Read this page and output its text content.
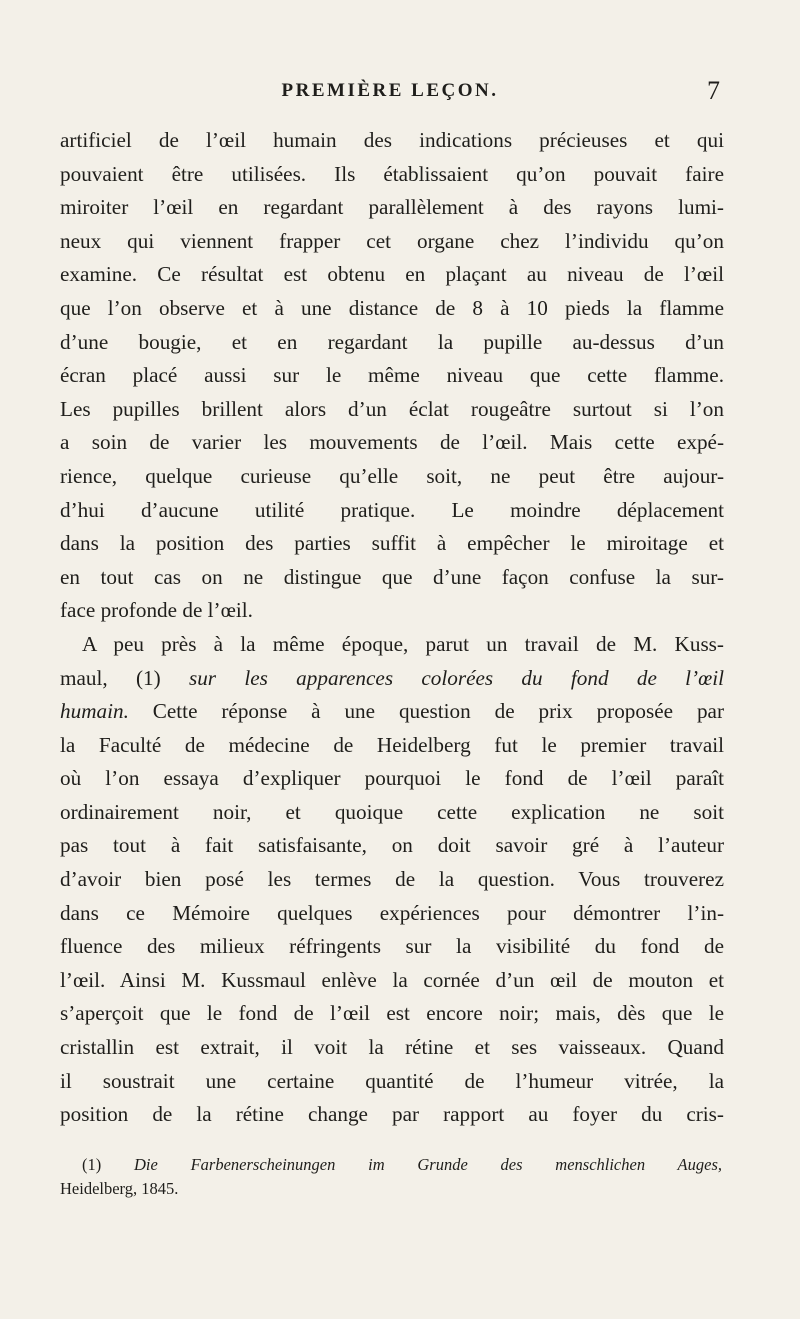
PREMIÈRE LEÇON.	7
artificiel de l’œil humain des indications précieuses et qui
pouvaient être utilisées. Ils établissaient qu’on pouvait faire
miroiter l’œil en regardant parallèlement à des rayons lumi-
neux qui viennent frapper cet organe chez l’individu qu’on
examine. Ce résultat est obtenu en plaçant au niveau de l’œil
que l’on observe et à une distance de 8 à 10 pieds la flamme
d’une bougie, et en regardant la pupille au-dessus d’un
écran placé aussi sur le même niveau que cette flamme.
Les pupilles brillent alors d’un éclat rougeâtre surtout si l’on
a soin de varier les mouvements de l’œil. Mais cette expé-
rience, quelque curieuse qu’elle soit, ne peut être aujour-
d’hui d’aucune utilité pratique. Le moindre déplacement
dans la position des parties suffit à empêcher le miroitage et
en tout cas on ne distingue que d’une façon confuse la sur-
face profonde de l’œil.
A peu près à la même époque, parut un travail de M. Kuss-
maul, (1) sur les apparences colorées du fond de l’œil
humain. Cette réponse à une question de prix proposée par
la Faculté de médecine de Heidelberg fut le premier travail
où l’on essaya d’expliquer pourquoi le fond de l’œil paraît
ordinairement noir, et quoique cette explication ne soit
pas tout à fait satisfaisante, on doit savoir gré à l’auteur
d’avoir bien posé les termes de la question. Vous trouverez
dans ce Mémoire quelques expériences pour démontrer l’in-
fluence des milieux réfringents sur la visibilité du fond de
l’œil. Ainsi M. Kussmaul enlève la cornée d’un œil de mouton et
s’aperçoit que le fond de l’œil est encore noir; mais, dès que le
cristallin est extrait, il voit la rétine et ses vaisseaux. Quand
il soustrait une certaine quantité de l’humeur vitrée, la
position de la rétine change par rapport au foyer du cris-
(1) Die Farbenerscheinungen im Grunde des menschlichen Auges,
Heidelberg, 1845.
